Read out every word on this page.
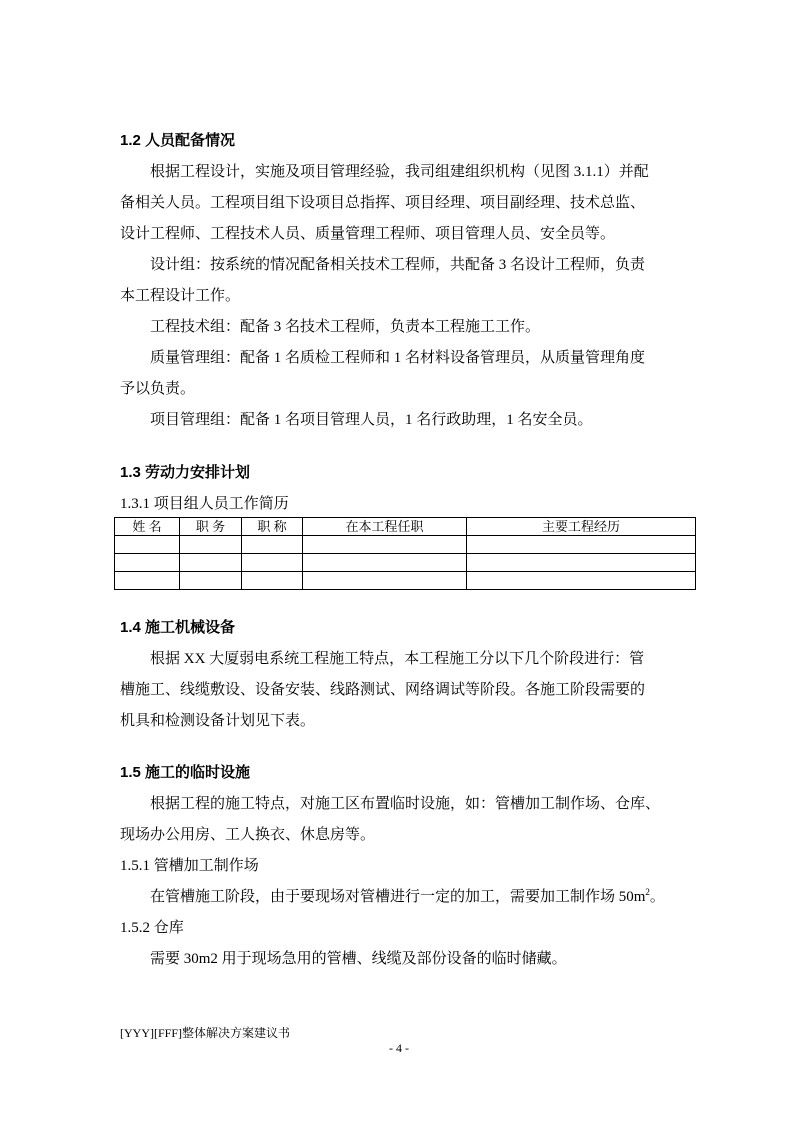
1.2 人员配备情况
根据工程设计，实施及项目管理经验，我司组建组织机构（见图 3.1.1）并配
备相关人员。工程项目组下设项目总指挥、项目经理、项目副经理、技术总监、
设计工程师、工程技术人员、质量管理工程师、项目管理人员、安全员等。
设计组：按系统的情况配备相关技术工程师，共配备 3 名设计工程师，负责
本工程设计工作。
工程技术组：配备 3 名技术工程师，负责本工程施工工作。
质量管理组：配备 1 名质检工程师和 1 名材料设备管理员，从质量管理角度
予以负责。
项目管理组：配备 1 名项目管理人员，1 名行政助理，1 名安全员。
1.3 劳动力安排计划
1.3.1 项目组人员工作简历
姓 名	职 务	职 称	在本工程任职	主要工程经历

1.4 施工机械设备
根据 XX 大厦弱电系统工程施工特点，本工程施工分以下几个阶段进行：管
槽施工、线缆敷设、设备安装、线路测试、网络调试等阶段。各施工阶段需要的
机具和检测设备计划见下表。
1.5 施工的临时设施
根据工程的施工特点，对施工区布置临时设施，如：管槽加工制作场、仓库、
现场办公用房、工人换衣、休息房等。
1.5.1 管槽加工制作场
在管槽施工阶段，由于要现场对管槽进行一定的加工，需要加工制作场 $50m^2$。
1.5.2 仓库
需要 30m2 用于现场急用的管槽、线缆及部份设备的临时储藏。
[YYY][FFF]整体解决方案建议书
- 4 -
